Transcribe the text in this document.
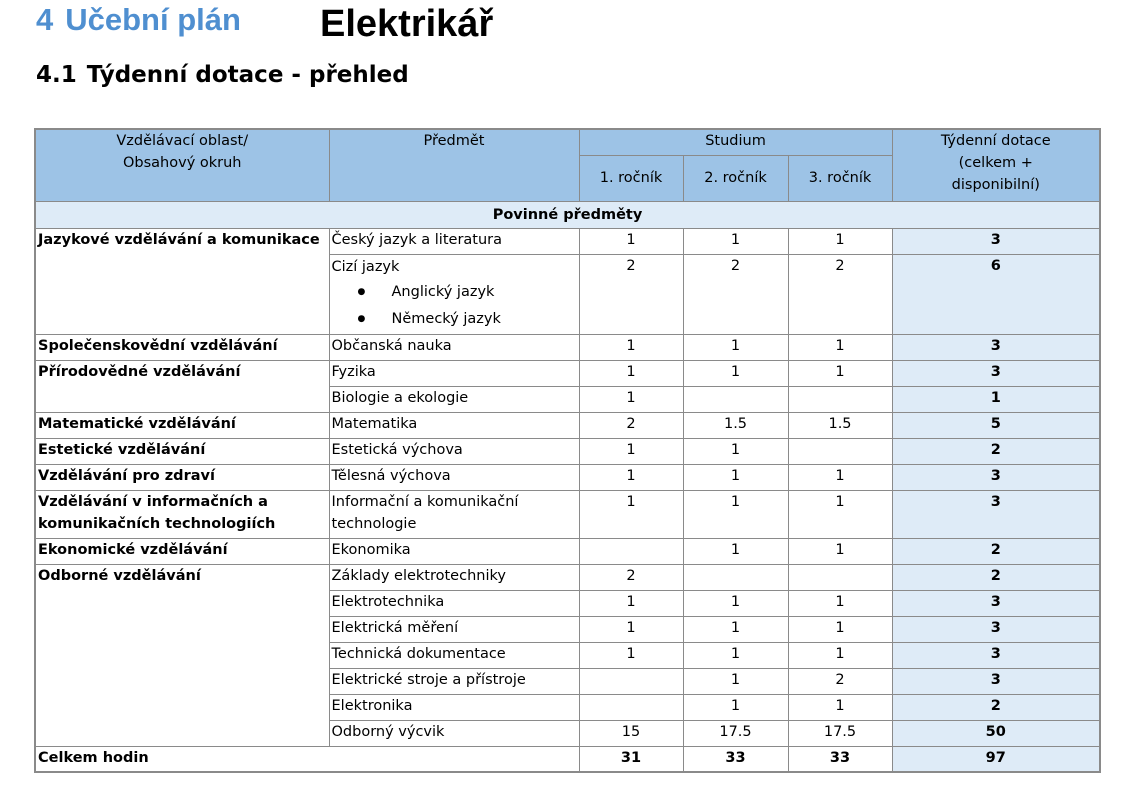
4 Učební plán Elektrikář
4.1 Týdenní dotace - přehled
Vzdělávací oblast/ Obsahový okruh	Předmět	Studium			Týdenní dotace (celkem + disponibilní)
		1. ročník	2. ročník	3. ročník	
Povinné předměty					
Jazykové vzdělávání a komunikace	Český jazyk a literatura	1	1	1	3
	Cizí jazyk
● Anglický jazyk
● Německý jazyk	2	2	2	6
Společenskovědní vzdělávání	Občanská nauka	1	1	1	3
Přírodovědné vzdělávání	Fyzika	1	1	1	3
	Biologie a ekologie	1			1
Matematické vzdělávání	Matematika	2	1.5	1.5	5
Estetické vzdělávání	Estetická výchova	1	1		2
Vzdělávání pro zdraví	Tělesná výchova	1	1	1	3
Vzdělávání v informačních a komunikačních technologiích	Informační a komunikační technologie	1	1	1	3
Ekonomické vzdělávání	Ekonomika		1	1	2
Odborné vzdělávání	Základy elektrotechniky	2			2
	Elektrotechnika	1	1	1	3
	Elektrická měření	1	1	1	3
	Technická dokumentace	1	1	1	3
	Elektrické stroje a přístroje		1	2	3
	Elektronika		1	1	2
	Odborný výcvik	15	17.5	17.5	50
Celkem hodin		31	33	33	97
